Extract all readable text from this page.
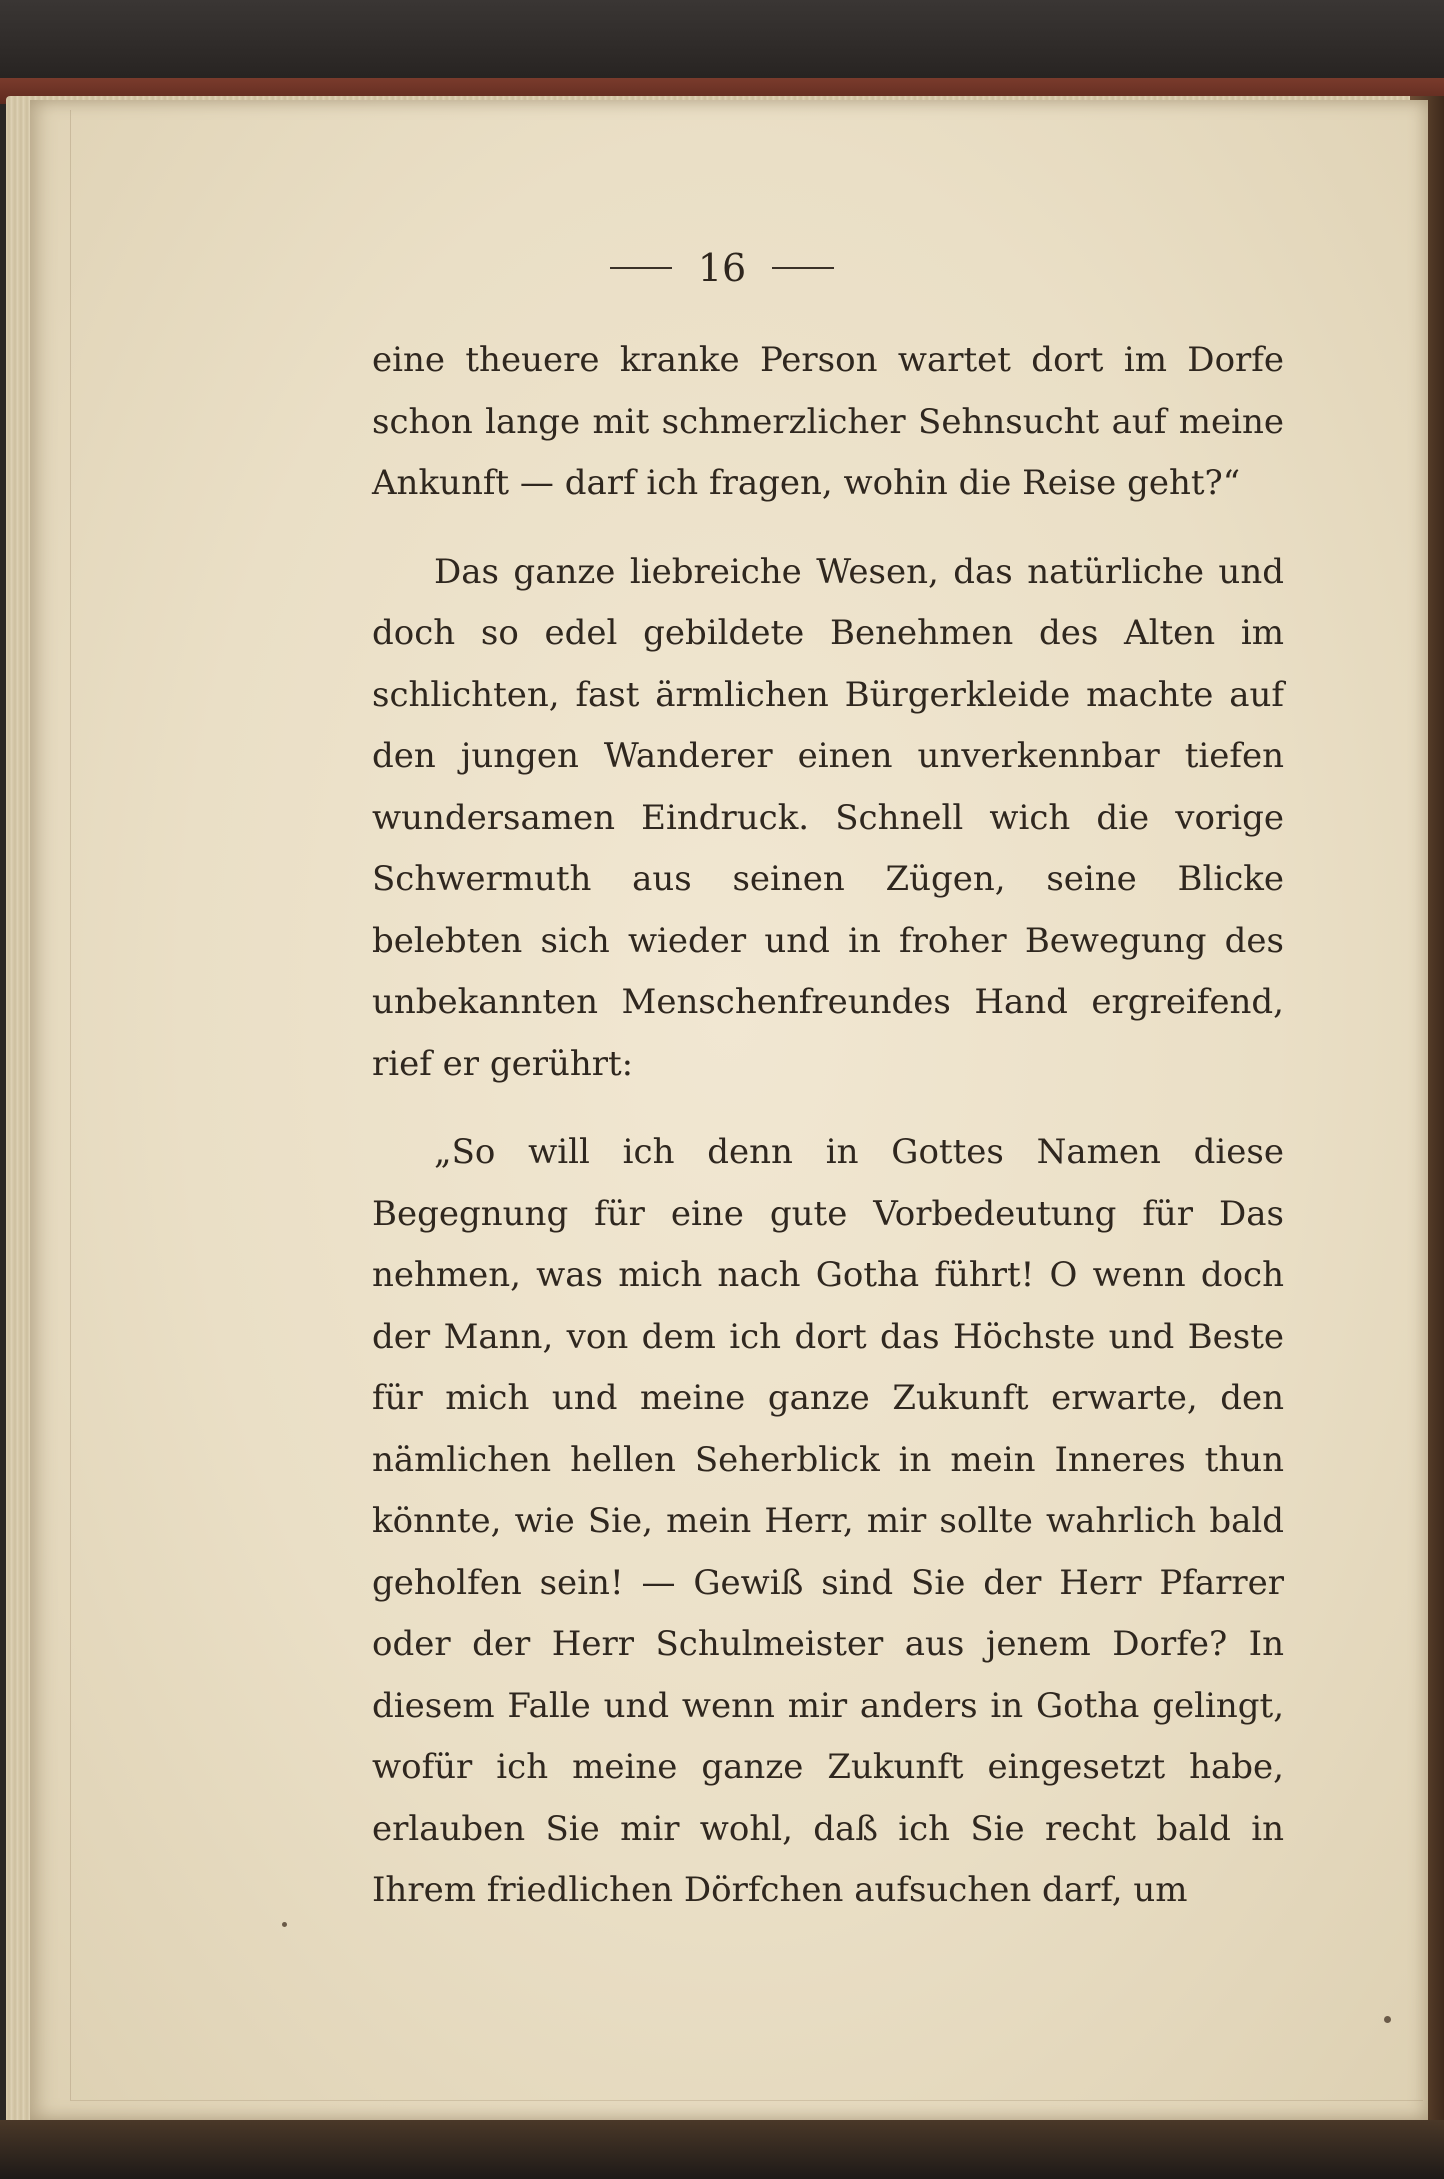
16

eine theuere kranke Person wartet dort im Dorfe schon lange mit schmerzlicher Sehnsucht auf meine Ankunft — darf ich fragen, wohin die Reise geht?“

Das ganze liebreiche Wesen, das natürliche und doch so edel gebildete Benehmen des Alten im schlichten, fast ärmlichen Bürgerkleide machte auf den jungen Wanderer einen unverkennbar tiefen wundersamen Eindruck. Schnell wich die vorige Schwermuth aus seinen Zügen, seine Blicke belebten sich wieder und in froher Bewegung des unbekannten Menschenfreundes Hand ergreifend, rief er gerührt:

„So will ich denn in Gottes Namen diese Begegnung für eine gute Vorbedeutung für Das nehmen, was mich nach Gotha führt! O wenn doch der Mann, von dem ich dort das Höchste und Beste für mich und meine ganze Zukunft erwarte, den nämlichen hellen Seherblick in mein Inneres thun könnte, wie Sie, mein Herr, mir sollte wahrlich bald geholfen sein! — Gewiß sind Sie der Herr Pfarrer oder der Herr Schulmeister aus jenem Dorfe? In diesem Falle und wenn mir anders in Gotha gelingt, wofür ich meine ganze Zukunft eingesetzt habe, erlauben Sie mir wohl, daß ich Sie recht bald in Ihrem friedlichen Dörfchen aufsuchen darf, um
